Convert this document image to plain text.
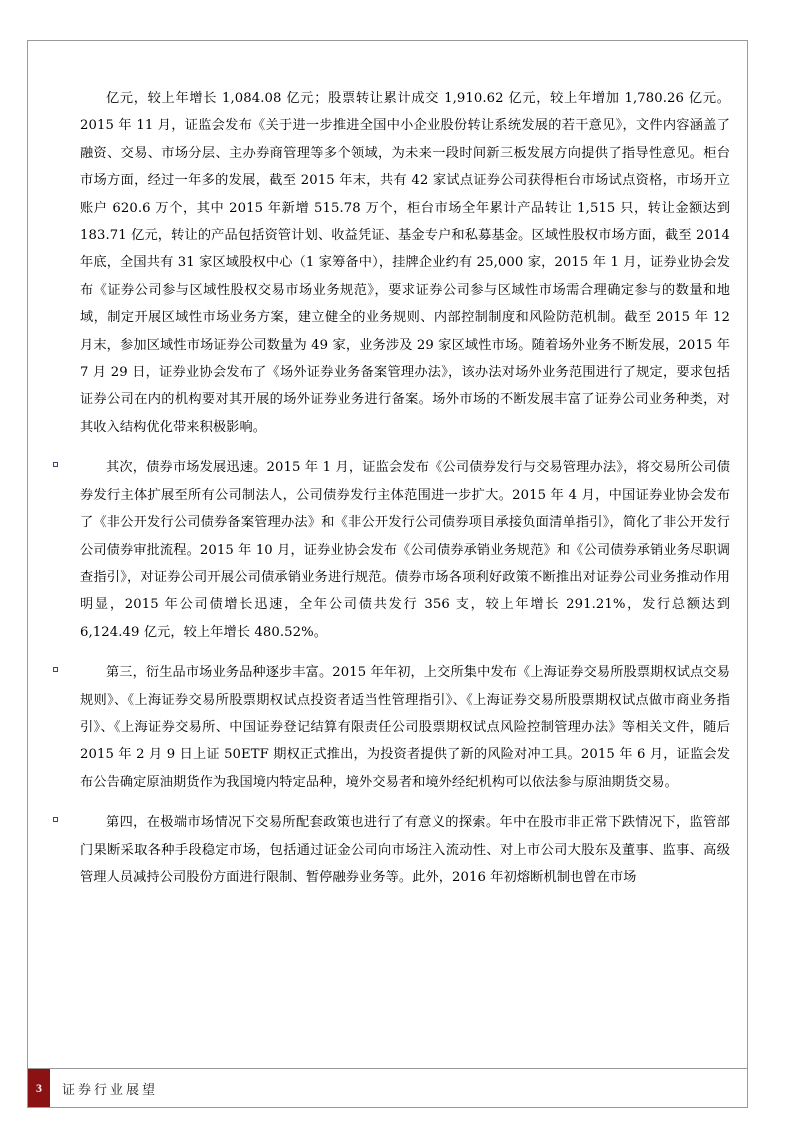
亿元，较上年增长 1,084.08 亿元；股票转让累计成交 1,910.62 亿元，较上年增加 1,780.26 亿元。2015 年 11 月，证监会发布《关于进一步推进全国中小企业股份转让系统发展的若干意见》，文件内容涵盖了融资、交易、市场分层、主办券商管理等多个领域，为未来一段时间新三板发展方向提供了指导性意见。柜台市场方面，经过一年多的发展，截至 2015 年末，共有 42 家试点证券公司获得柜台市场试点资格，市场开立账户 620.6 万个，其中 2015 年新增 515.78 万个，柜台市场全年累计产品转让 1,515 只，转让金额达到 183.71 亿元，转让的产品包括资管计划、收益凭证、基金专户和私募基金。区域性股权市场方面，截至 2014 年底，全国共有 31 家区域股权中心（1 家筹备中），挂牌企业约有 25,000 家，2015 年 1 月，证券业协会发布《证券公司参与区域性股权交易市场业务规范》，要求证券公司参与区域性市场需合理确定参与的数量和地域，制定开展区域性市场业务方案，建立健全的业务规则、内部控制制度和风险防范机制。截至 2015 年 12 月末，参加区域性市场证券公司数量为 49 家，业务涉及 29 家区域性市场。随着场外业务不断发展，2015 年 7 月 29 日，证券业协会发布了《场外证券业务备案管理办法》，该办法对场外业务范围进行了规定，要求包括证券公司在内的机构要对其开展的场外证券业务进行备案。场外市场的不断发展丰富了证券公司业务种类，对其收入结构优化带来积极影响。

其次，债券市场发展迅速。2015 年 1 月，证监会发布《公司债券发行与交易管理办法》，将交易所公司债券发行主体扩展至所有公司制法人，公司债券发行主体范围进一步扩大。2015 年 4 月，中国证券业协会发布了《非公开发行公司债券备案管理办法》和《非公开发行公司债券项目承接负面清单指引》，简化了非公开发行公司债券审批流程。2015 年 10 月，证券业协会发布《公司债券承销业务规范》和《公司债券承销业务尽职调查指引》，对证券公司开展公司债承销业务进行规范。债券市场各项利好政策不断推出对证券公司业务推动作用明显，2015 年公司债增长迅速，全年公司债共发行 356 支，较上年增长 291.21%，发行总额达到 6,124.49 亿元，较上年增长 480.52%。

第三，衍生品市场业务品种逐步丰富。2015 年年初，上交所集中发布《上海证券交易所股票期权试点交易规则》、《上海证券交易所股票期权试点投资者适当性管理指引》、《上海证券交易所股票期权试点做市商业务指引》、《上海证券交易所、中国证券登记结算有限责任公司股票期权试点风险控制管理办法》等相关文件，随后 2015 年 2 月 9 日上证 50ETF 期权正式推出，为投资者提供了新的风险对冲工具。2015 年 6 月，证监会发布公告确定原油期货作为我国境内特定品种，境外交易者和境外经纪机构可以依法参与原油期货交易。

第四，在极端市场情况下交易所配套政策也进行了有意义的探索。年中在股市非正常下跌情况下，监管部门果断采取各种手段稳定市场，包括通过证金公司向市场注入流动性、对上市公司大股东及董事、监事、高级管理人员减持公司股份方面进行限制、暂停融券业务等。此外，2016 年初熔断机制也曾在市场

3	证券行业展望
